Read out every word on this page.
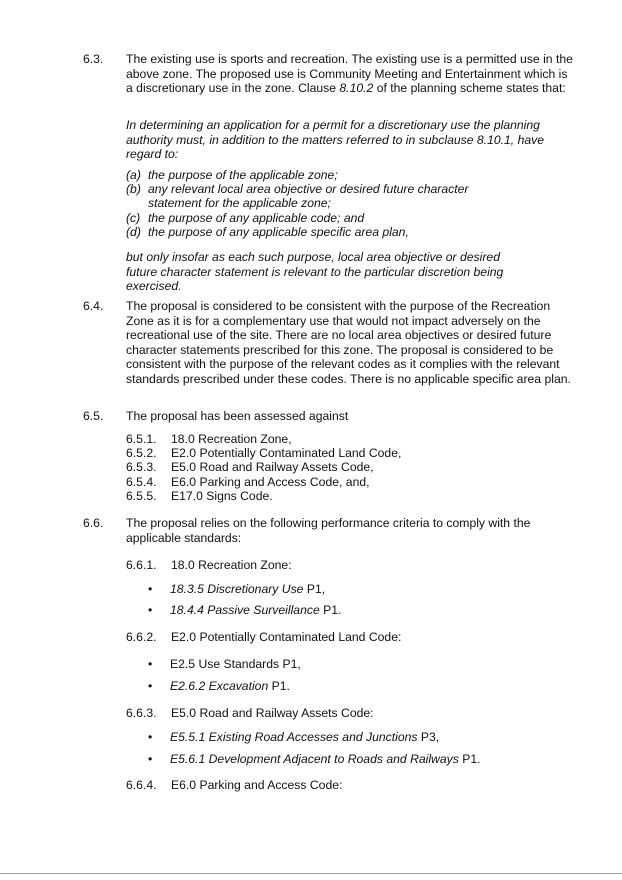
6.3. The existing use is sports and recreation. The existing use is a permitted use in the above zone. The proposed use is Community Meeting and Entertainment which is a discretionary use in the zone. Clause 8.10.2 of the planning scheme states that:
In determining an application for a permit for a discretionary use the planning authority must, in addition to the matters referred to in subclause 8.10.1, have regard to:
(a) the purpose of the applicable zone;
(b) any relevant local area objective or desired future character
statement for the applicable zone;
(c) the purpose of any applicable code; and
(d) the purpose of any applicable specific area plan,
but only insofar as each such purpose, local area objective or desired future character statement is relevant to the particular discretion being exercised.
6.4. The proposal is considered to be consistent with the purpose of the Recreation Zone as it is for a complementary use that would not impact adversely on the recreational use of the site. There are no local area objectives or desired future character statements prescribed for this zone. The proposal is considered to be consistent with the purpose of the relevant codes as it complies with the relevant standards prescribed under these codes. There is no applicable specific area plan.
6.5. The proposal has been assessed against
6.5.1. 18.0 Recreation Zone,
6.5.2. E2.0 Potentially Contaminated Land Code,
6.5.3. E5.0 Road and Railway Assets Code,
6.5.4. E6.0 Parking and Access Code, and,
6.5.5. E17.0 Signs Code.
6.6. The proposal relies on the following performance criteria to comply with the applicable standards:
6.6.1. 18.0 Recreation Zone:
• 18.3.5 Discretionary Use P1,
• 18.4.4 Passive Surveillance P1.
6.6.2. E2.0 Potentially Contaminated Land Code:
• E2.5 Use Standards P1,
• E2.6.2 Excavation P1.
6.6.3. E5.0 Road and Railway Assets Code:
• E5.5.1 Existing Road Accesses and Junctions P3,
• E5.6.1 Development Adjacent to Roads and Railways P1.
6.6.4. E6.0 Parking and Access Code:
